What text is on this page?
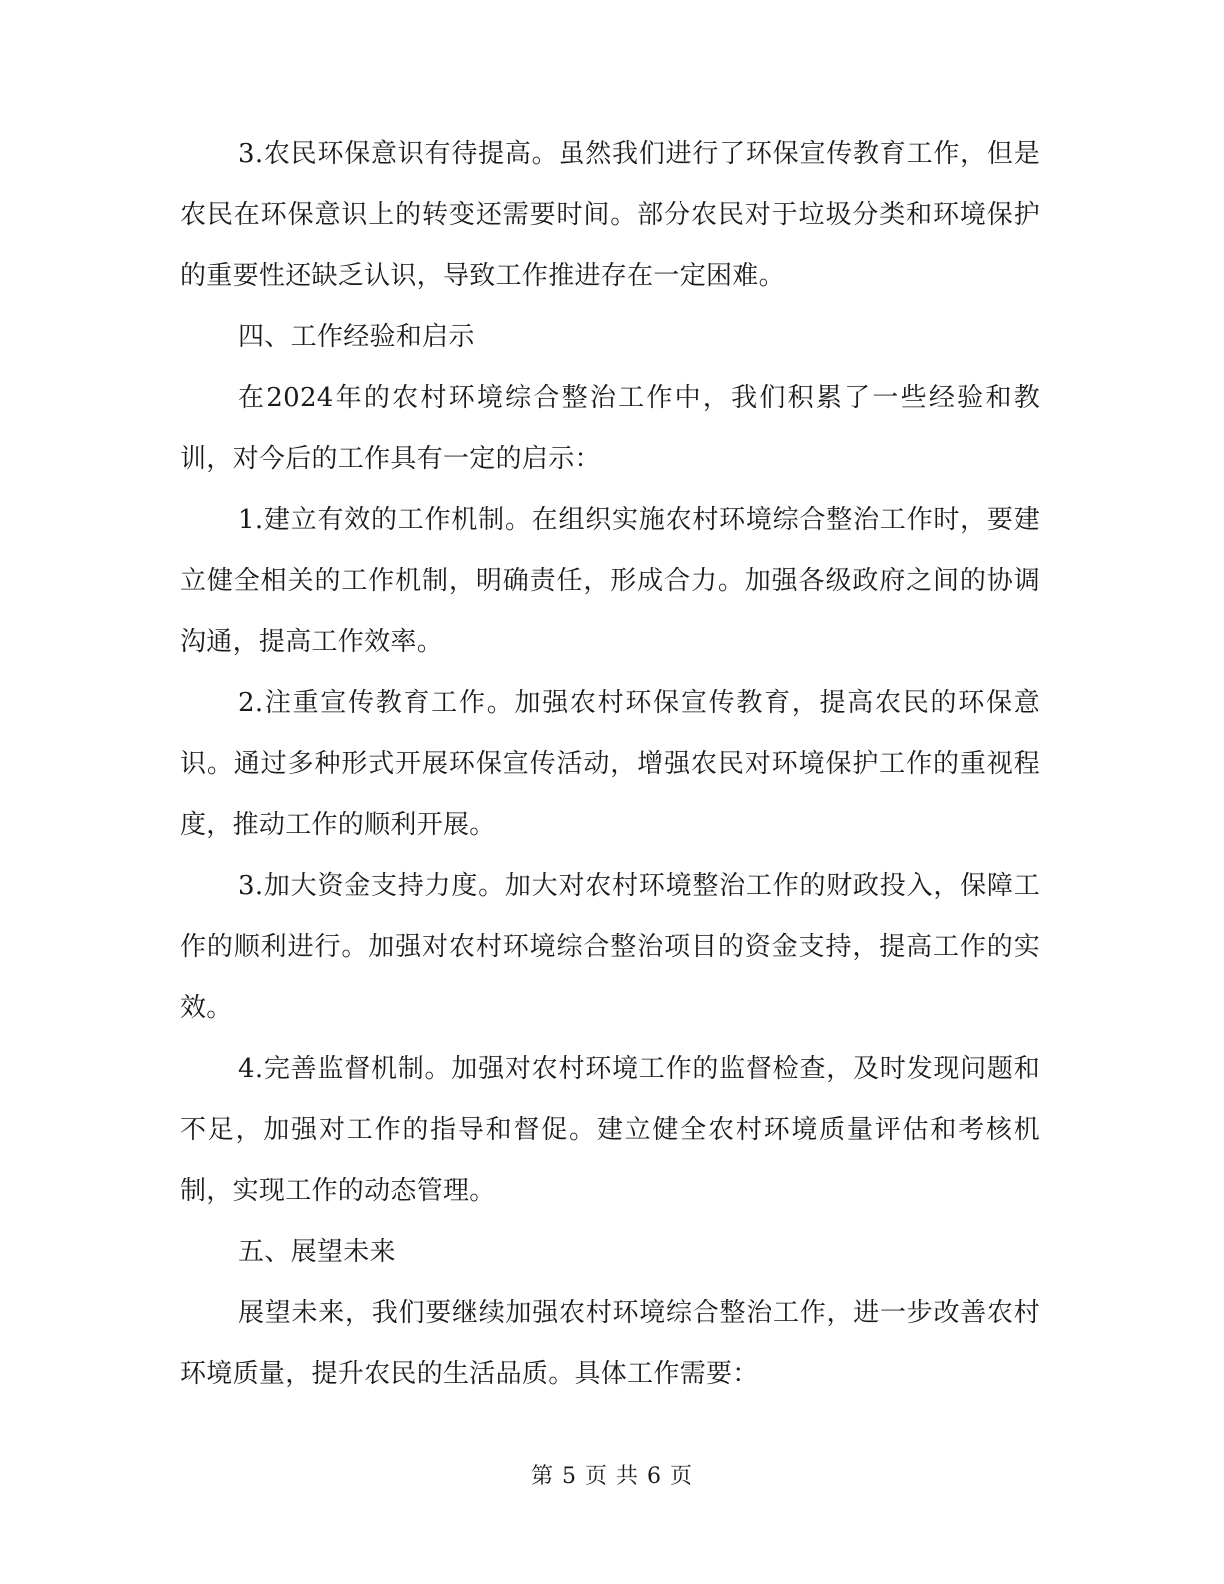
3.农民环保意识有待提高。虽然我们进行了环保宣传教育工作，但是农民在环保意识上的转变还需要时间。部分农民对于垃圾分类和环境保护的重要性还缺乏认识，导致工作推进存在一定困难。

四、工作经验和启示

在2024年的农村环境综合整治工作中，我们积累了一些经验和教训，对今后的工作具有一定的启示：

1.建立有效的工作机制。在组织实施农村环境综合整治工作时，要建立健全相关的工作机制，明确责任，形成合力。加强各级政府之间的协调沟通，提高工作效率。

2.注重宣传教育工作。加强农村环保宣传教育，提高农民的环保意识。通过多种形式开展环保宣传活动，增强农民对环境保护工作的重视程度，推动工作的顺利开展。

3.加大资金支持力度。加大对农村环境整治工作的财政投入，保障工作的顺利进行。加强对农村环境综合整治项目的资金支持，提高工作的实效。

4.完善监督机制。加强对农村环境工作的监督检查，及时发现问题和不足，加强对工作的指导和督促。建立健全农村环境质量评估和考核机制，实现工作的动态管理。

五、展望未来

展望未来，我们要继续加强农村环境综合整治工作，进一步改善农村环境质量，提升农民的生活品质。具体工作需要：

第 5 页 共 6 页
